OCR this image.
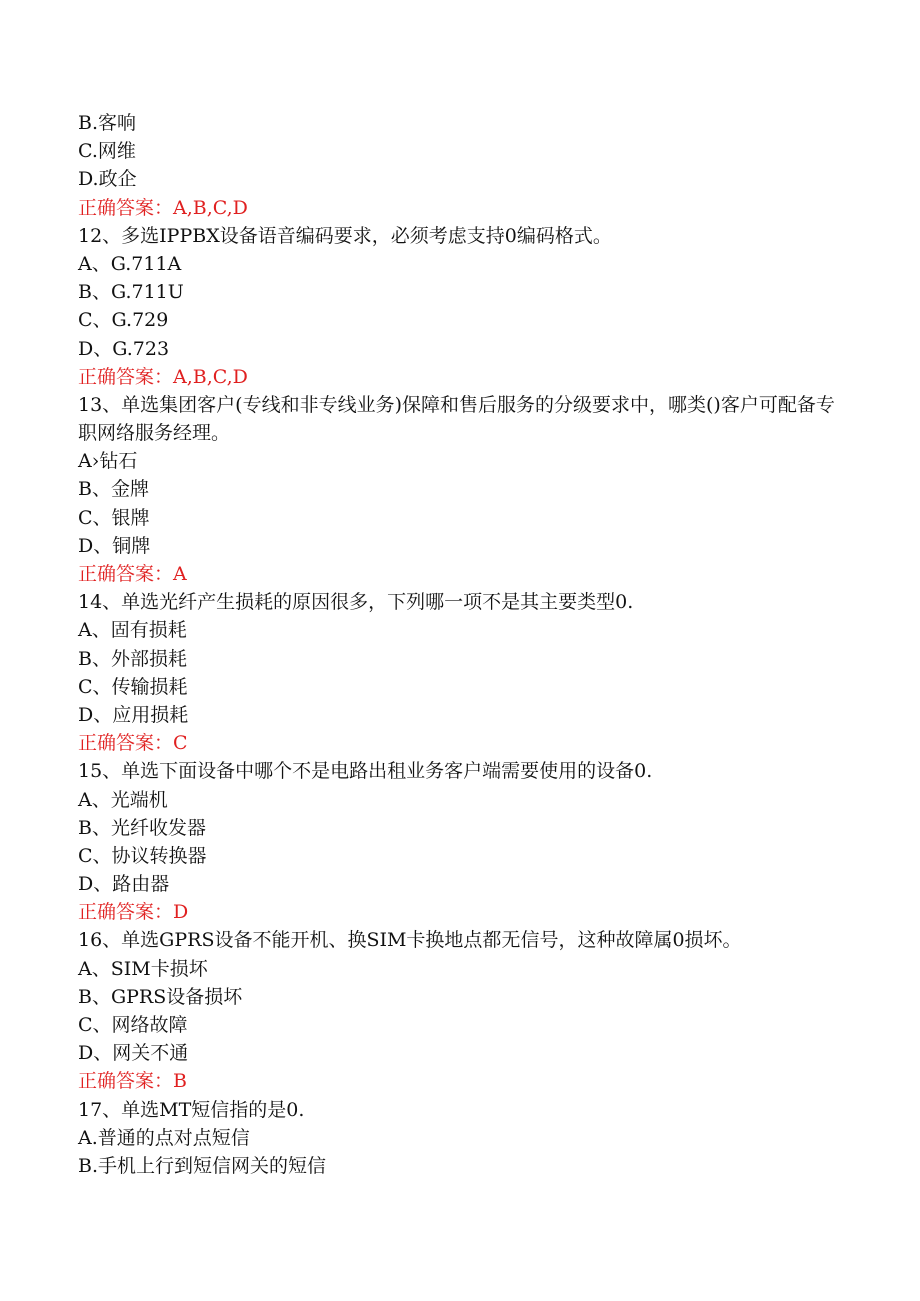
B.客响

C.网维

D.政企

正确答案：A,B,C,D

12、多选IPPBX设备语音编码要求，必须考虑支持0编码格式。

A、G.711A

B、G.711U

C、G.729

D、G.723

正确答案：A,B,C,D

13、单选集团客户(专线和非专线业务)保障和售后服务的分级要求中，哪类()客户可配备专职网络服务经理。

A›钻石

B、金牌

C、银牌

D、铜牌

正确答案：A

14、单选光纤产生损耗的原因很多，下列哪一项不是其主要类型0.

A、固有损耗

B、外部损耗

C、传输损耗

D、应用损耗

正确答案：C

15、单选下面设备中哪个不是电路出租业务客户端需要使用的设备0.

A、光端机

B、光纤收发器

C、协议转换器

D、路由器

正确答案：D

16、单选GPRS设备不能开机、换SIM卡换地点都无信号，这种故障属0损坏。

A、SIM卡损坏

B、GPRS设备损坏

C、网络故障

D、网关不通

正确答案：B

17、单选MT短信指的是0.

A.普通的点对点短信

B.手机上行到短信网关的短信
